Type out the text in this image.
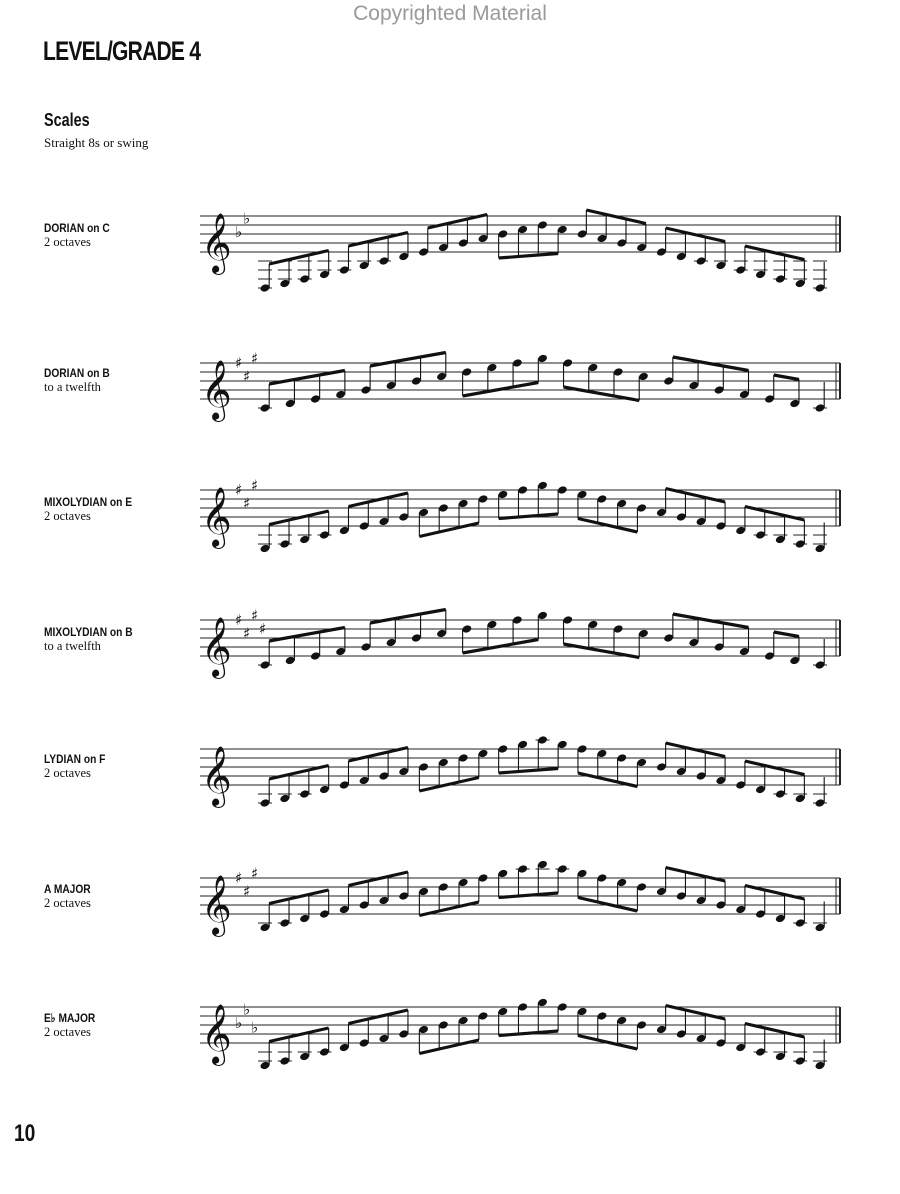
Copyrighted Material
LEVEL/GRADE 4
Scales
Straight 8s or swing
DORIAN on C
2 octaves	𝄞 ♭
♭
DORIAN on B
to a twelfth	𝄞 ♯
♯
♯
MIXOLYDIAN on E
2 octaves	𝄞 ♯
♯
♯
MIXOLYDIAN on B
to a twelfth	𝄞 ♯
♯
♯
♯
LYDIAN on F
2 octaves	𝄞
A MAJOR
2 octaves 𝄞 ♯
♯
♯
E♭ MAJOR
2 octaves 𝄞 ♭
♭
♭
10
